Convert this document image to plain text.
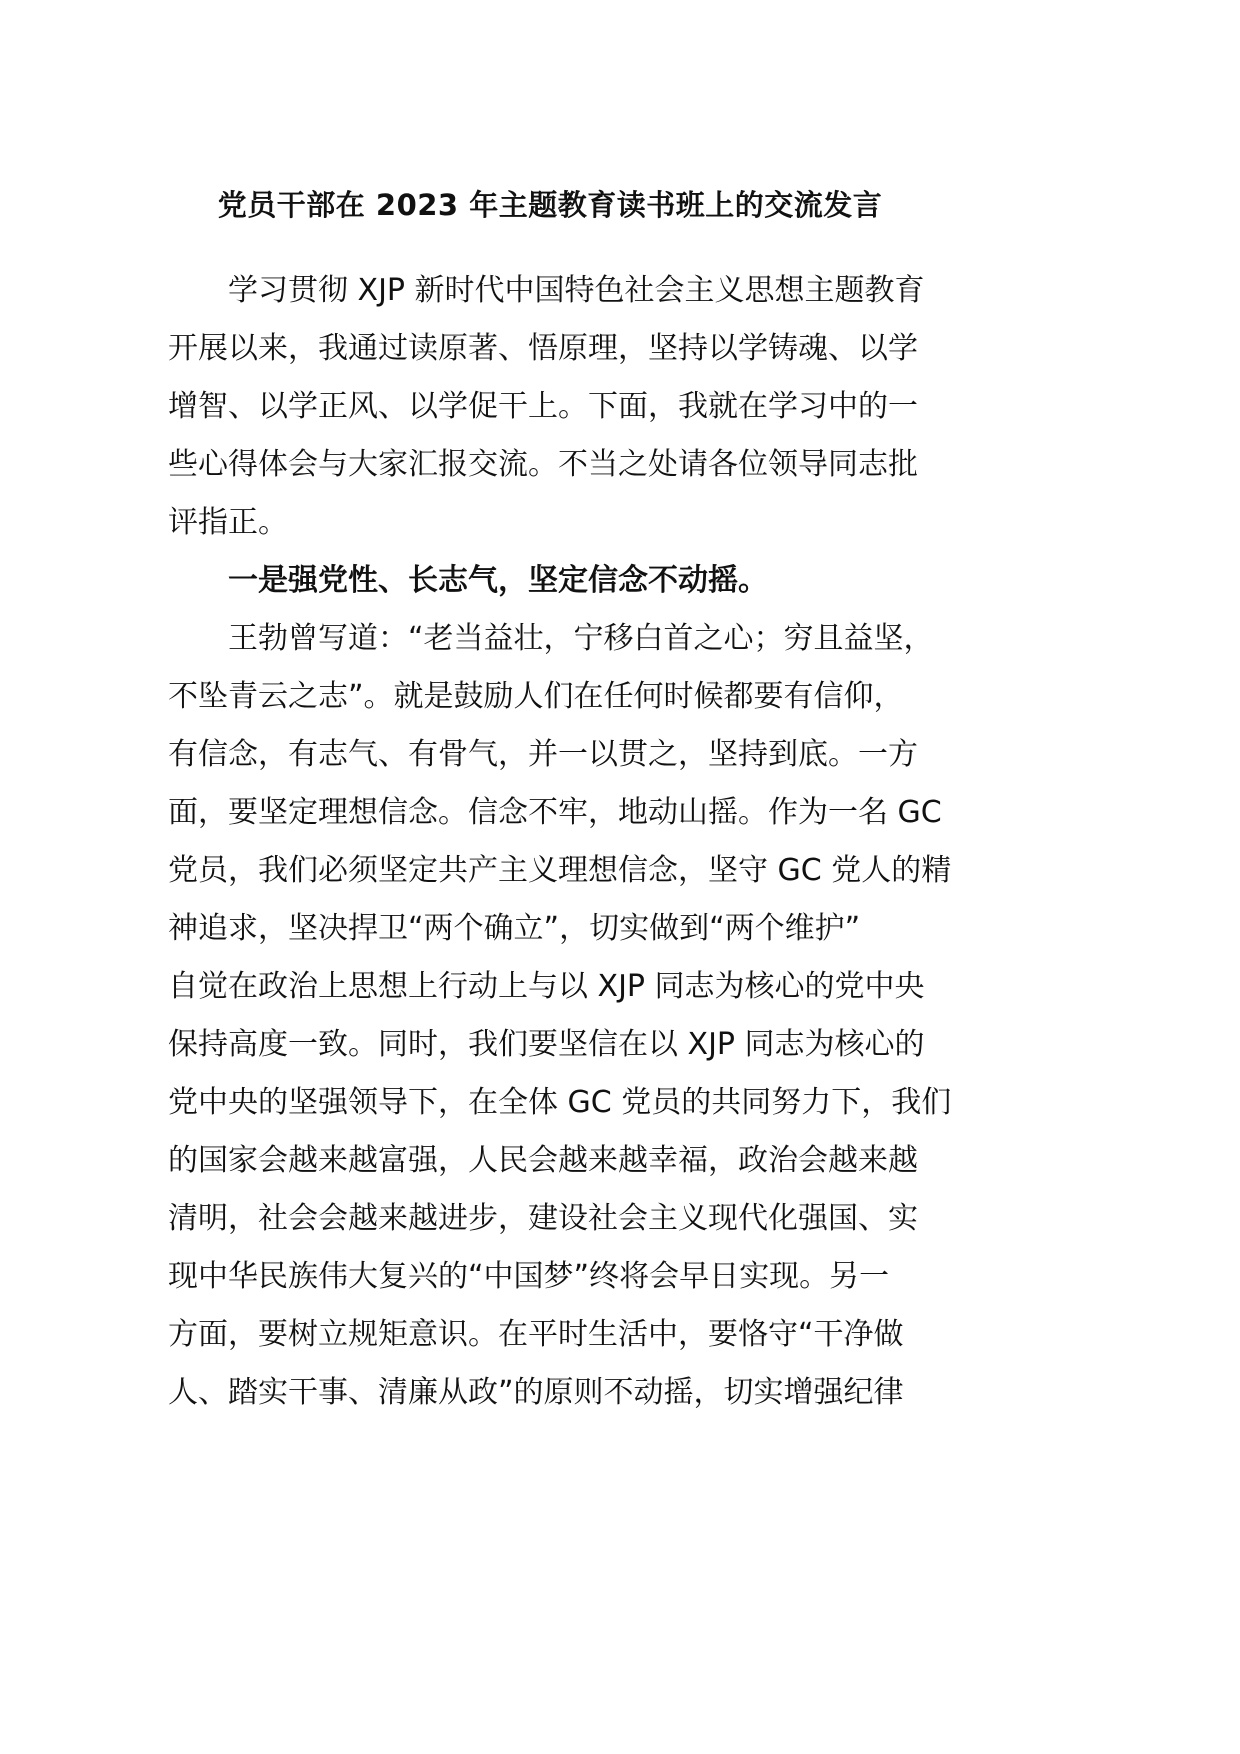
党员干部在 2023 年主题教育读书班上的交流发言
学习贯彻 XJP 新时代中国特色社会主义思想主题教育
开展以来，我通过读原著、悟原理，坚持以学铸魂、以学
增智、以学正风、以学促干上。下面，我就在学习中的一
些心得体会与大家汇报交流。不当之处请各位领导同志批
评指正。
一是强党性、长志气，坚定信念不动摇。
王勃曾写道：“老当益壮，宁移白首之心；穷且益坚，
不坠青云之志”。就是鼓励人们在任何时候都要有信仰，
有信念，有志气、有骨气，并一以贯之，坚持到底。一方
面，要坚定理想信念。信念不牢，地动山摇。作为一名 GC
党员，我们必须坚定共产主义理想信念，坚守 GC 党人的精
神追求，坚决捍卫“两个确立”，切实做到“两个维护”
自觉在政治上思想上行动上与以 XJP 同志为核心的党中央
保持高度一致。同时，我们要坚信在以 XJP 同志为核心的
党中央的坚强领导下，在全体 GC 党员的共同努力下，我们
的国家会越来越富强，人民会越来越幸福，政治会越来越
清明，社会会越来越进步，建设社会主义现代化强国、实
现中华民族伟大复兴的“中国梦”终将会早日实现。另一
方面，要树立规矩意识。在平时生活中，要恪守“干净做
人、踏实干事、清廉从政”的原则不动摇，切实增强纪律
